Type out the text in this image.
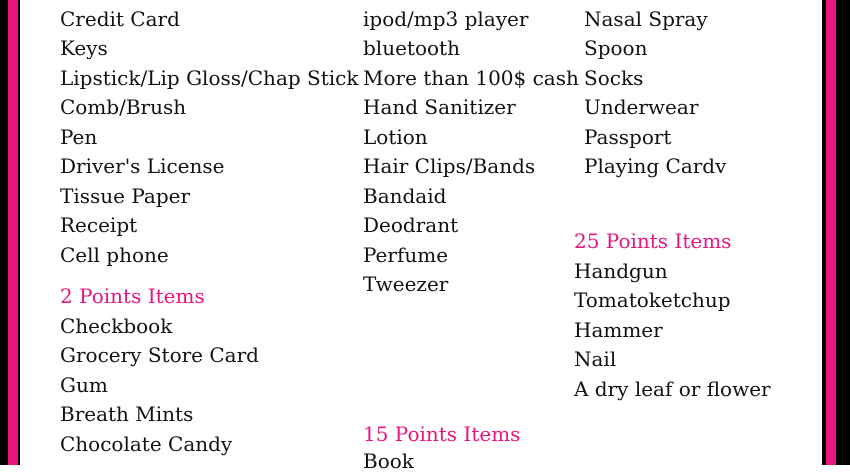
Credit Card
Keys
Lipstick/Lip Gloss/Chap Stick
Comb/Brush
Pen
Driver's License
Tissue Paper
Receipt
Cell phone
2 Points Items
Checkbook
Grocery Store Card
Gum
Breath Mints
Chocolate Candy
ipod/mp3 player
bluetooth
More than 100$ cash
Hand Sanitizer
Lotion
Hair Clips/Bands
Bandaid
Deodrant
Perfume
Tweezer
15 Points Items
Book
Nasal Spray
Spoon
Socks
Underwear
Passport
Playing Cardv
25 Points Items
Handgun
Tomatoketchup
Hammer
Nail
A dry leaf or flower
